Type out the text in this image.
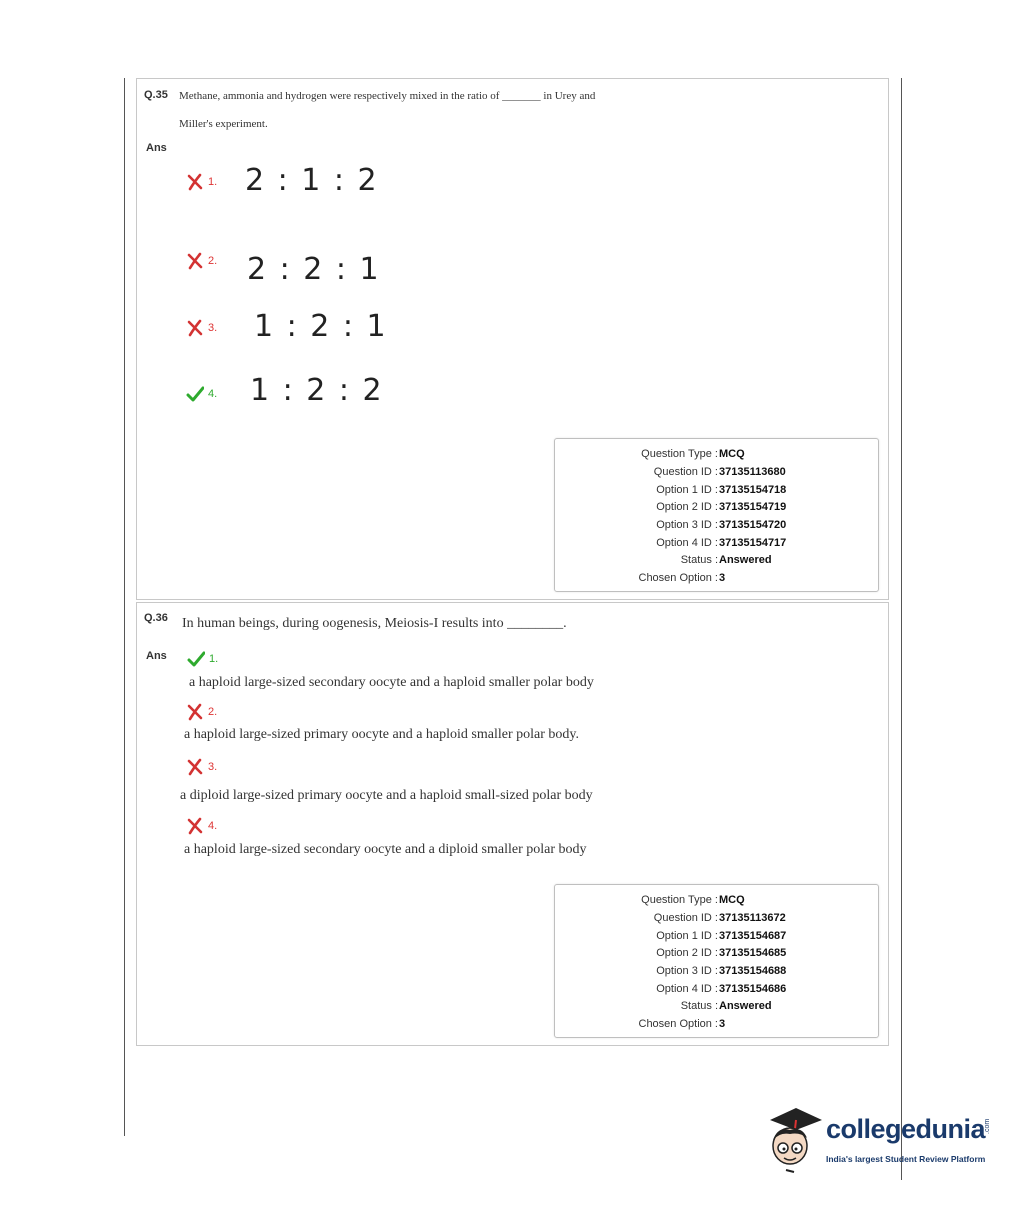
Q.35 Methane, ammonia and hydrogen were respectively mixed in the ratio of _______ in Urey and
Miller's experiment.
Ans
1. 2 : 1 : 2
2. 2 : 2 : 1
3. 1 : 2 : 1
4. 1 : 2 : 2
Question Type : MCQ
Question ID : 37135113680
Option 1 ID : 37135154718
Option 2 ID : 37135154719
Option 3 ID : 37135154720
Option 4 ID : 37135154717
Status : Answered
Chosen Option : 3
Q.36 In human beings, during oogenesis, Meiosis-I results into ________.
Ans	1.
a haploid large-sized secondary oocyte and a haploid smaller polar body
2.
a haploid large-sized primary oocyte and a haploid smaller polar body.
3.
a diploid large-sized primary oocyte and a haploid small-sized polar body
4.
a haploid large-sized secondary oocyte and a diploid smaller polar body
Question Type : MCQ
Question ID : 37135113672
Option 1 ID : 37135154687
Option 2 ID : 37135154685
Option 3 ID : 37135154688
Option 4 ID : 37135154686
Status : Answered
Chosen Option : 3
collegedunia
.com
India's largest Student Review Platform
